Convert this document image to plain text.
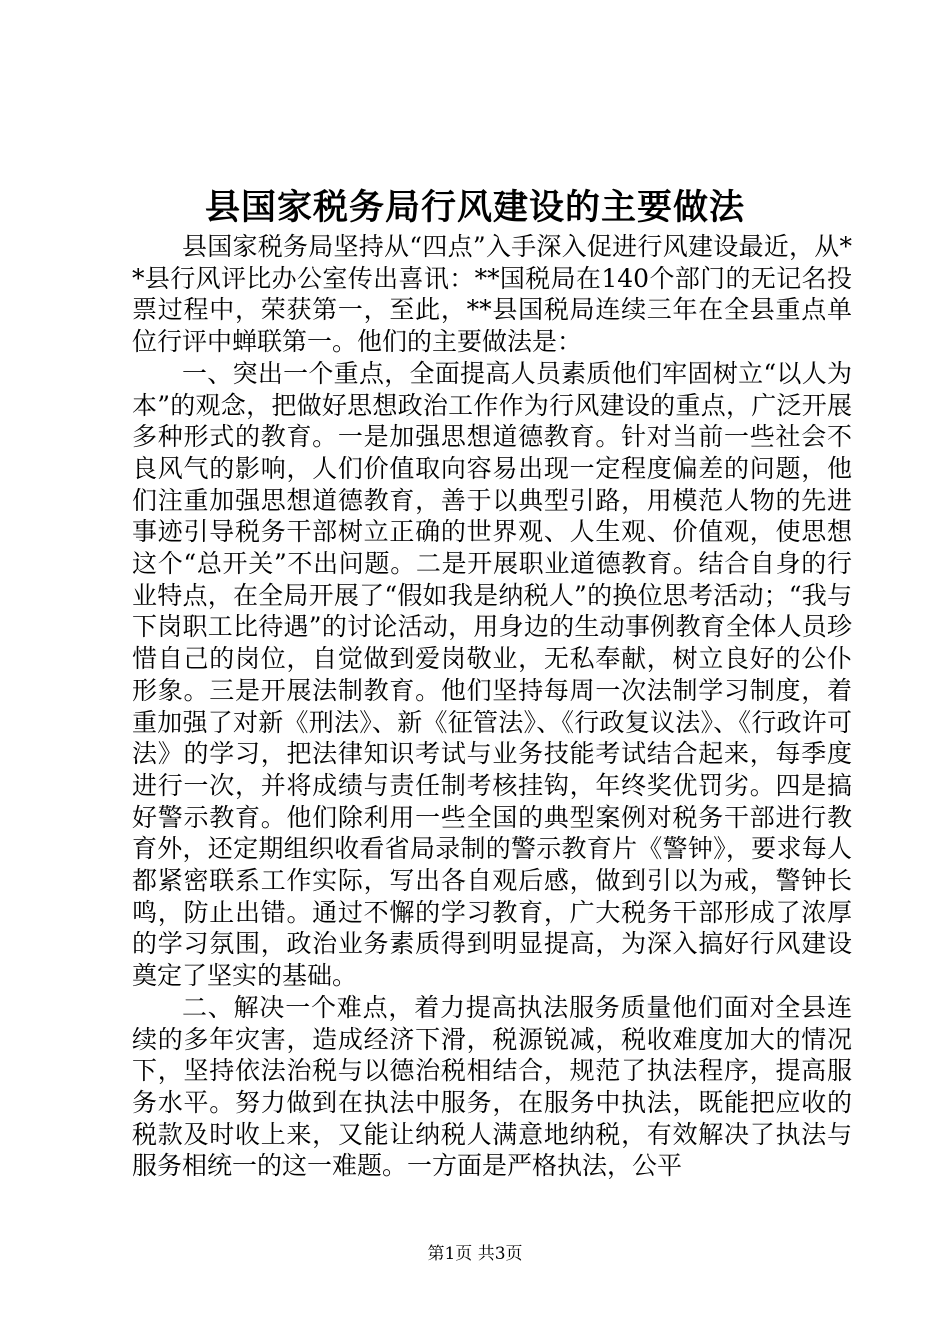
县国家税务局行风建设的主要做法

县国家税务局坚持从“四点”入手深入促进行风建设最近，从**县行风评比办公室传出喜讯：**国税局在140个部门的无记名投票过程中，荣获第一，至此，**县国税局连续三年在全县重点单位行评中蝉联第一。他们的主要做法是：

一、突出一个重点，全面提高人员素质他们牢固树立“以人为本”的观念，把做好思想政治工作作为行风建设的重点，广泛开展多种形式的教育。一是加强思想道德教育。针对当前一些社会不良风气的影响，人们价值取向容易出现一定程度偏差的问题，他们注重加强思想道德教育，善于以典型引路，用模范人物的先进事迹引导税务干部树立正确的世界观、人生观、价值观，使思想这个“总开关”不出问题。二是开展职业道德教育。结合自身的行业特点，在全局开展了“假如我是纳税人”的换位思考活动；“我与下岗职工比待遇”的讨论活动，用身边的生动事例教育全体人员珍惜自己的岗位，自觉做到爱岗敬业，无私奉献，树立良好的公仆形象。三是开展法制教育。他们坚持每周一次法制学习制度，着重加强了对新《刑法》、新《征管法》、《行政复议法》、《行政许可法》的学习，把法律知识考试与业务技能考试结合起来，每季度进行一次，并将成绩与责任制考核挂钩，年终奖优罚劣。四是搞好警示教育。他们除利用一些全国的典型案例对税务干部进行教育外，还定期组织收看省局录制的警示教育片《警钟》，要求每人都紧密联系工作实际，写出各自观后感，做到引以为戒，警钟长鸣，防止出错。通过不懈的学习教育，广大税务干部形成了浓厚的学习氛围，政治业务素质得到明显提高，为深入搞好行风建设奠定了坚实的基础。

二、解决一个难点，着力提高执法服务质量他们面对全县连续的多年灾害，造成经济下滑，税源锐减，税收难度加大的情况下，坚持依法治税与以德治税相结合，规范了执法程序，提高服务水平。努力做到在执法中服务，在服务中执法，既能把应收的税款及时收上来，又能让纳税人满意地纳税，有效解决了执法与服务相统一的这一难题。一方面是严格执法，公平

第1页 共3页
